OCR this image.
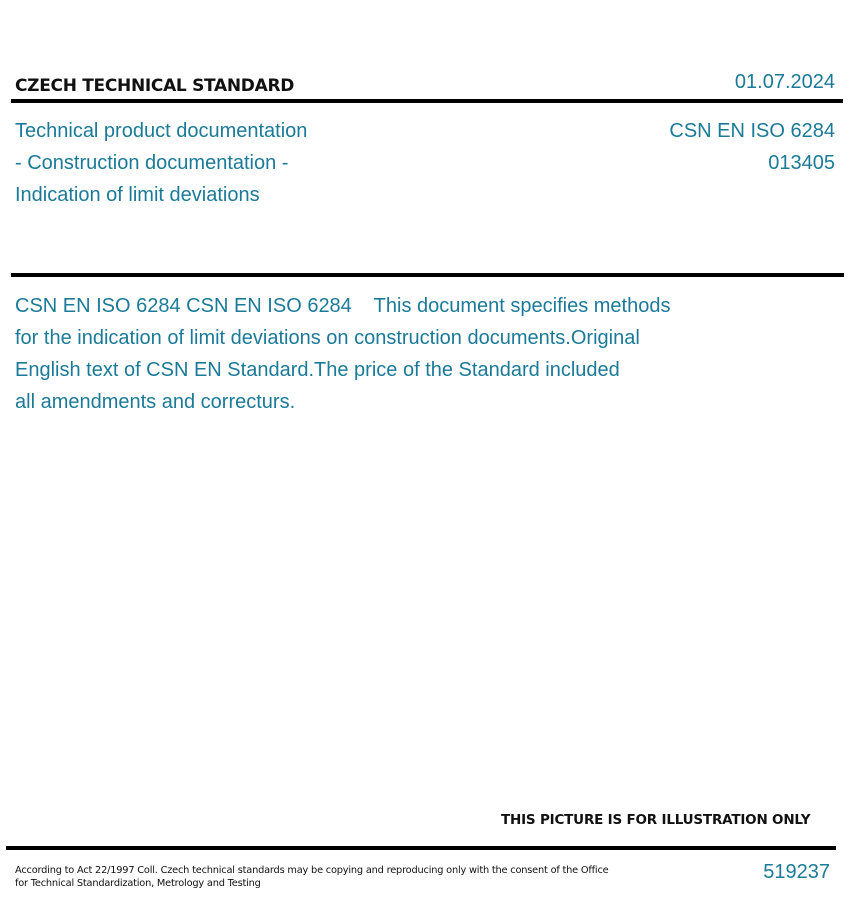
CZECH TECHNICAL STANDARD	01.07.2024
Technical product documentation
- Construction documentation -
Indication of limit deviations
CSN EN ISO 6284
013405
CSN EN ISO 6284 CSN EN ISO 6284    This document specifies methods
for the indication of limit deviations on construction documents.Original
English text of CSN EN Standard.The price of the Standard included
all amendments and correcturs.
THIS PICTURE IS FOR ILLUSTRATION ONLY
According to Act 22/1997 Coll. Czech technical standards may be copying and reproducing only with the consent of the Office
for Technical Standardization, Metrology and Testing
519237
